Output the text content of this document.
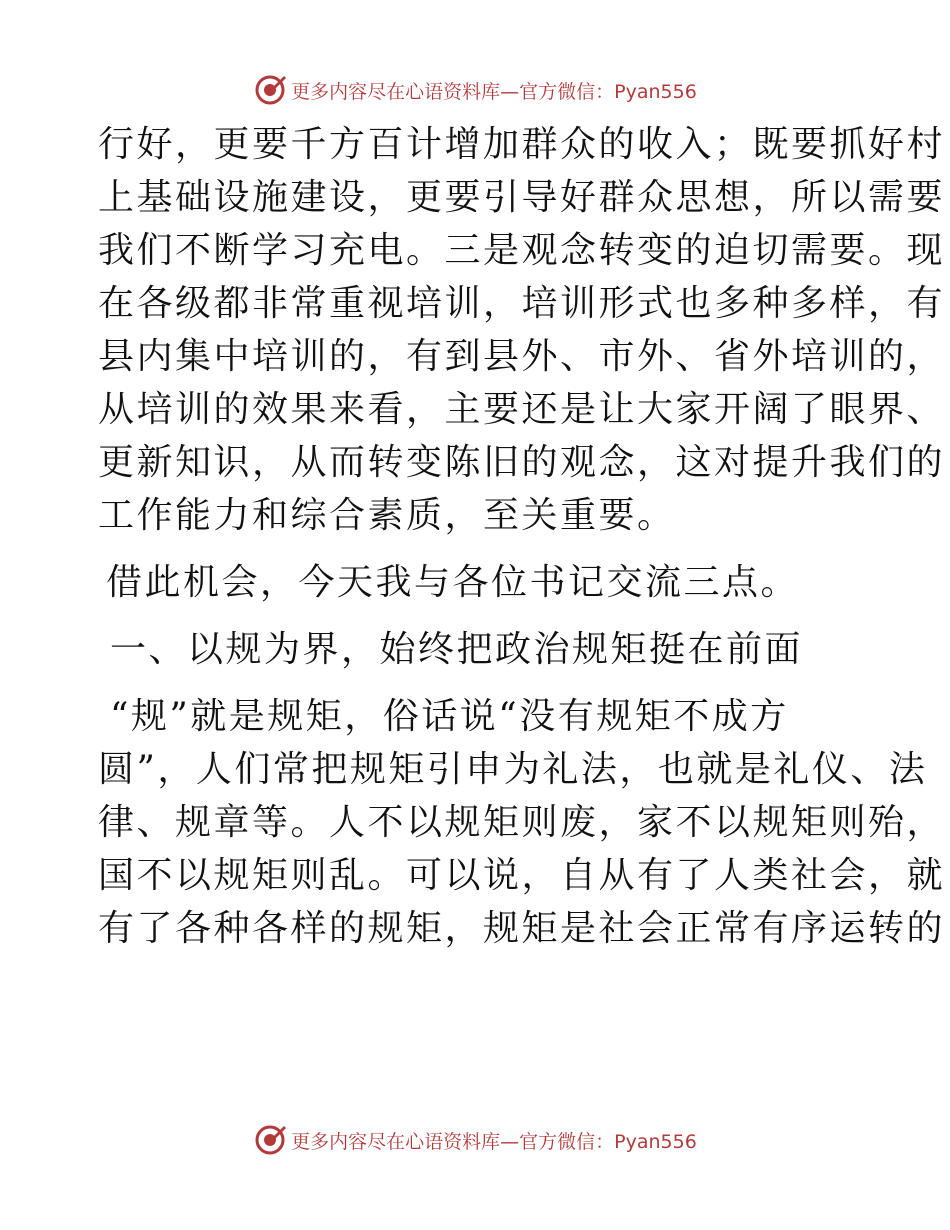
更多内容尽在心语资料库—官方微信：Pyan556
行好，更要千方百计增加群众的收入；既要抓好村
上基础设施建设，更要引导好群众思想，所以需要
我们不断学习充电。三是观念转变的迫切需要。现
在各级都非常重视培训，培训形式也多种多样，有
县内集中培训的，有到县外、市外、省外培训的，
从培训的效果来看，主要还是让大家开阔了眼界、
更新知识，从而转变陈旧的观念，这对提升我们的
工作能力和综合素质，至关重要。
借此机会，今天我与各位书记交流三点。
一、以规为界，始终把政治规矩挺在前面
“规”就是规矩，俗话说“没有规矩不成方
圆”，人们常把规矩引申为礼法，也就是礼仪、法
律、规章等。人不以规矩则废，家不以规矩则殆，
国不以规矩则乱。可以说，自从有了人类社会，就
有了各种各样的规矩，规矩是社会正常有序运转的
更多内容尽在心语资料库—官方微信：Pyan556
